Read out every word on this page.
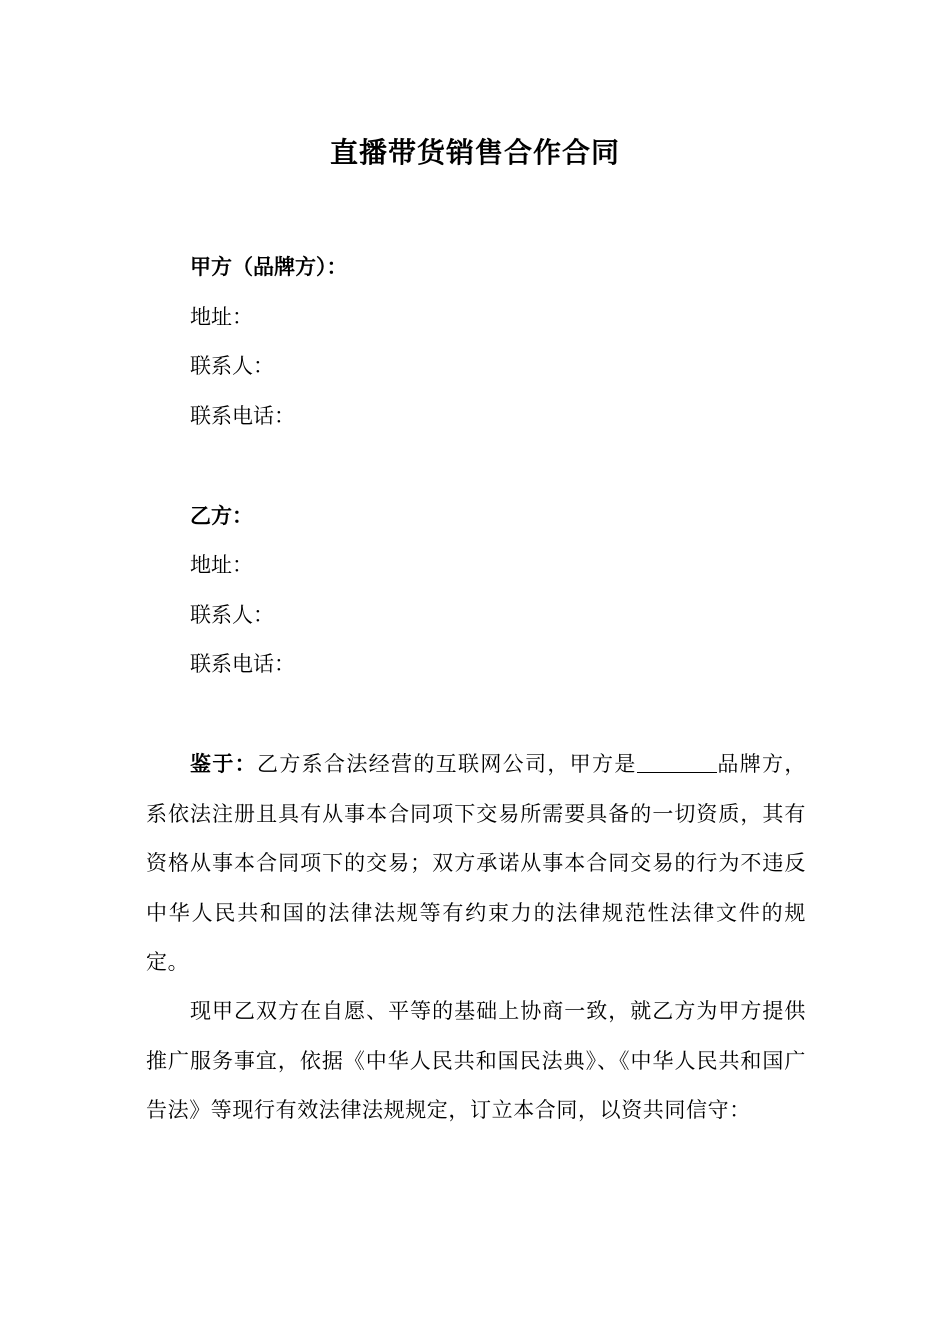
直播带货销售合作合同
甲方（品牌方）：
地址：
联系人：
联系电话：
乙方：
地址：
联系人：
联系电话：
鉴于：乙方系合法经营的互联网公司，甲方是	品牌方，系依法注册且具有从事本合同项下交易所需要具备的一切资质，其有资格从事本合同项下的交易；双方承诺从事本合同交易的行为不违反中华人民共和国的法律法规等有约束力的法律规范性法律文件的规定。
现甲乙双方在自愿、平等的基础上协商一致，就乙方为甲方提供推广服务事宜，依据《中华人民共和国民法典》、《中华人民共和国广告法》等现行有效法律法规规定，订立本合同，以资共同信守：
